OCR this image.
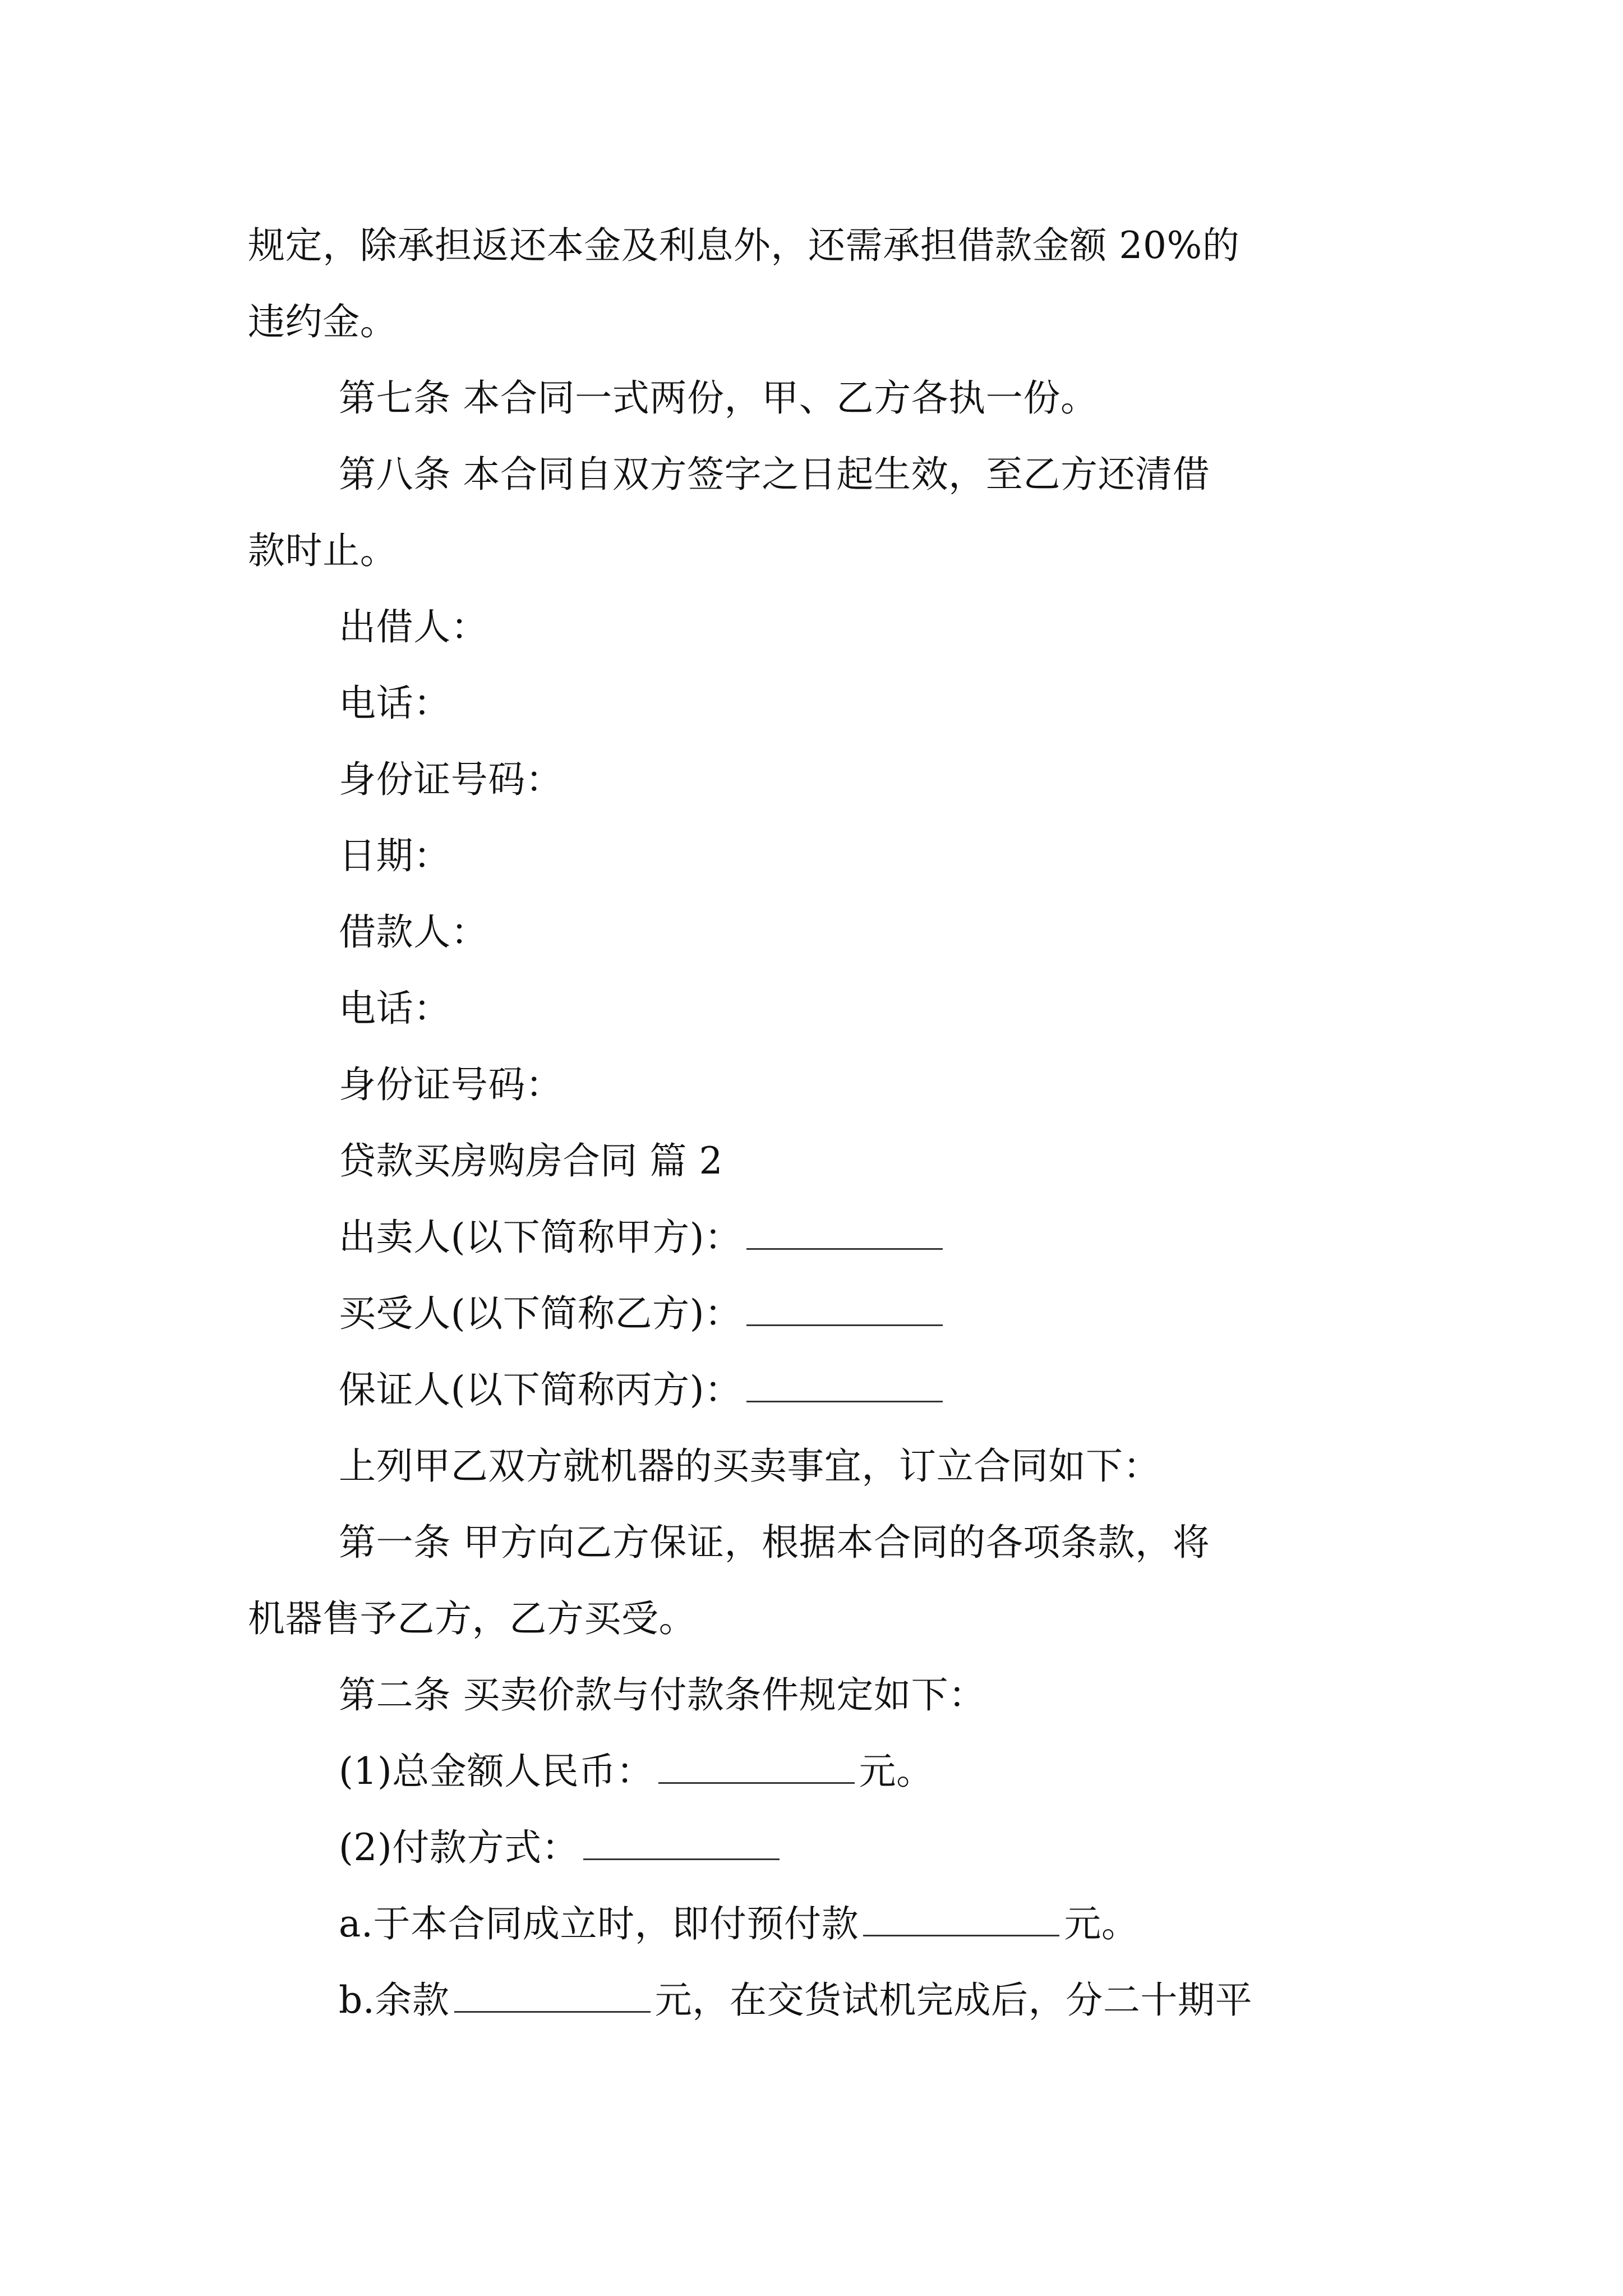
规定，除承担返还本金及利息外，还需承担借款金额 20%的
违约金。
第七条 本合同一式两份，甲、乙方各执一份。
第八条 本合同自双方签字之日起生效，至乙方还清借
款时止。
出借人：
电话：
身份证号码：
日期：
借款人：
电话：
身份证号码：
贷款买房购房合同 篇 2
出卖人(以下简称甲方)：
买受人(以下简称乙方)：
保证人(以下简称丙方)：
上列甲乙双方就机器的买卖事宜，订立合同如下：
第一条 甲方向乙方保证，根据本合同的各项条款，将
机器售予乙方，乙方买受。
第二条 买卖价款与付款条件规定如下：
(1)总金额人民币：	元。
(2)付款方式：
a.于本合同成立时，即付预付款	元。
b.余款	元，在交货试机完成后，分二十期平
